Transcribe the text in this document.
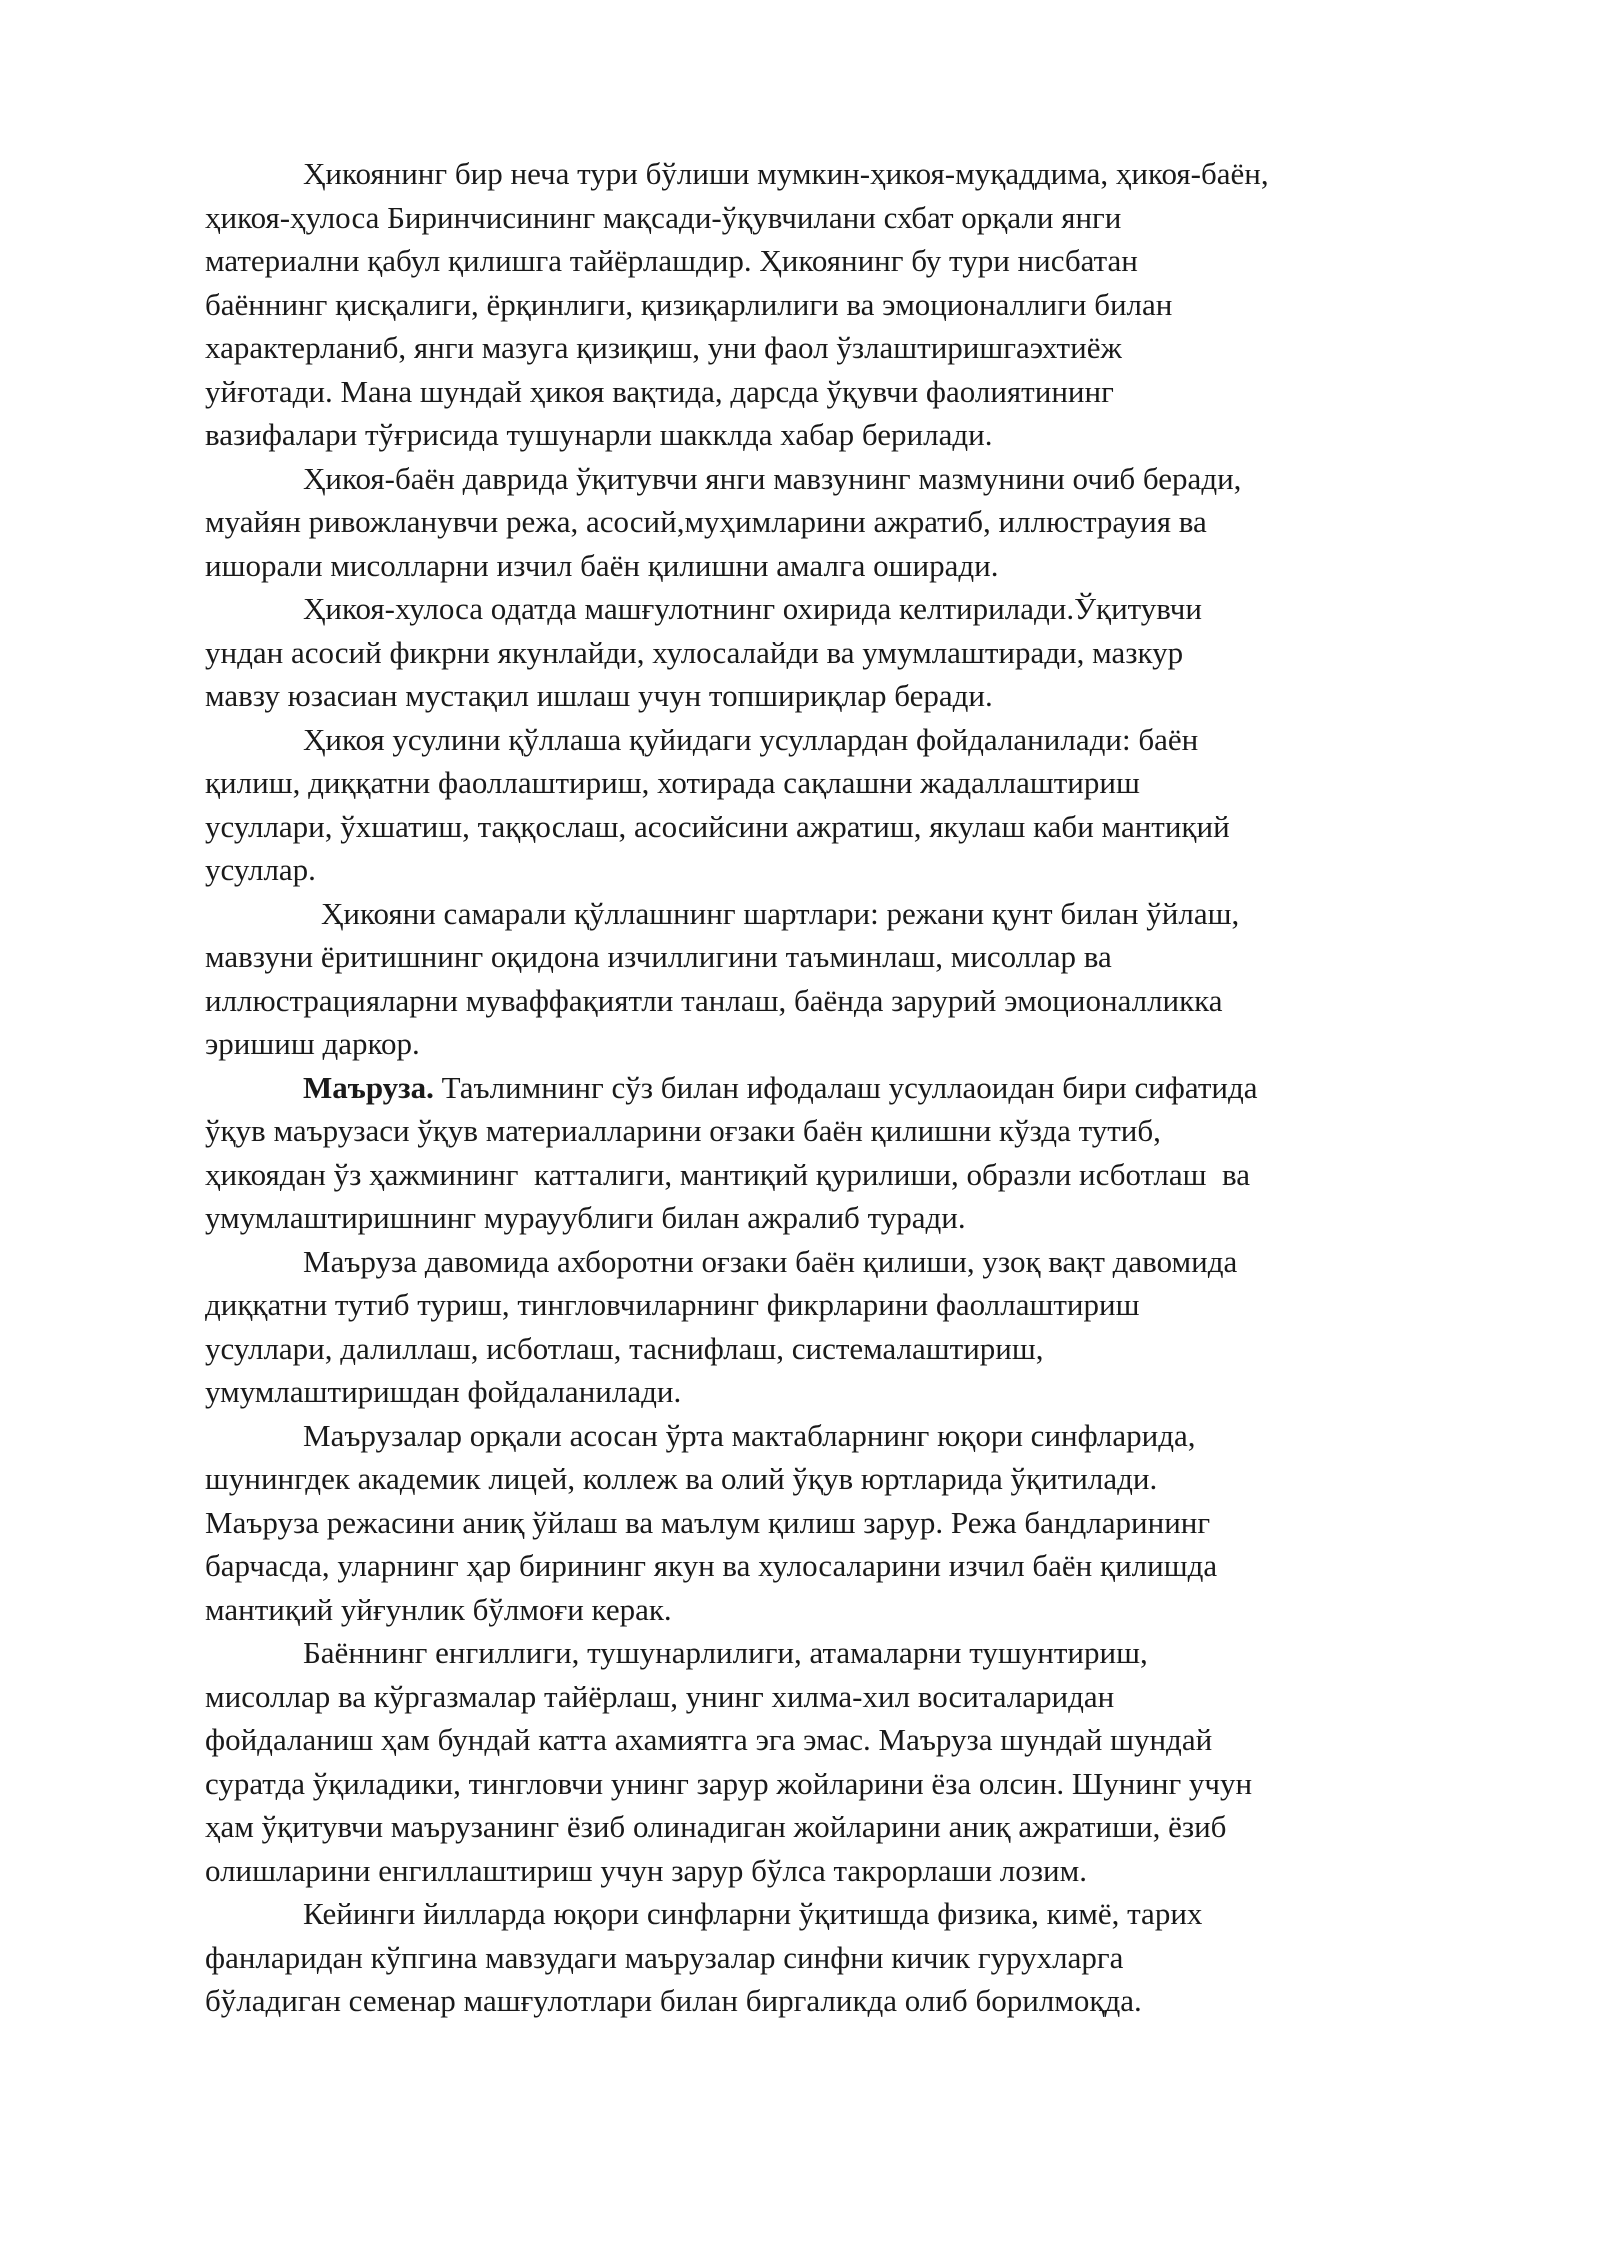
Ҳикоянинг бир неча тури бўлиши мумкин-ҳикоя-муқаддима, ҳикоя-баён,
ҳикоя-ҳулоса Биринчисининг мақсади-ўқувчилани схбат орқали янги
материални қабул қилишга тайёрлашдир. Ҳикоянинг бу тури нисбатан
баённинг қисқалиги, ёрқинлиги, қизиқарлилиги ва эмоционаллиги билан
характерланиб, янги мазуга қизиқиш, уни фаол ўзлаштиришгаэхтиёж
уйғотади. Мана шундай ҳикоя вақтида, дарсда ўқувчи фаолиятининг
вазифалари тўғрисида тушунарли шакклда хабар берилади.
Ҳикоя-баён даврида ўқитувчи янги мавзунинг мазмунини очиб беради,
муайян ривожланувчи режа, асосий,муҳимларини ажратиб, иллюстрауия ва
ишорали мисолларни изчил баён қилишни амалга оширади.
Ҳикоя-хулоса одатда машғулотнинг охирида келтирилади.Ўқитувчи
ундан асосий фикрни якунлайди, хулосалайди ва умумлаштиради, мазкур
мавзу юзасиан мустақил ишлаш учун топшириқлар беради.
Ҳикоя усулини қўллаша қуйидаги усуллардан фойдаланилади: баён
қилиш, диққатни фаоллаштириш, хотирада сақлашни жадаллаштириш
усуллари, ўхшатиш, таққослаш, асосийсини ажратиш, якулаш каби мантиқий
усуллар.
Ҳикояни самарали қўллашнинг шартлари: режани қунт билан ўйлаш,
мавзуни ёритишнинг оқидона изчиллигини таъминлаш, мисоллар ва
иллюстрацияларни муваффақиятли танлаш, баёнда зарурий эмоционалликка
эришиш даркор.
Маъруза. Таълимнинг сўз билан ифодалаш усуллаоидан бири сифатида
ўқув маърузаси ўқув материалларини оғзаки баён қилишни кўзда тутиб,
ҳикоядан ўз ҳажмининг  катталиги, мантиқий қурилиши, образли исботлаш  ва
умумлаштиришнинг мурауублиги билан ажралиб туради.
Маъруза давомида ахборотни оғзаки баён қилиши, узоқ вақт давомида
диққатни тутиб туриш, тингловчиларнинг фикрларини фаоллаштириш
усуллари, далиллаш, исботлаш, таснифлаш, системалаштириш,
умумлаштиришдан фойдаланилади.
Маърузалар орқали асосан ўрта мактабларнинг юқори синфларида,
шунингдек академик лицей, коллеж ва олий ўқув юртларида ўқитилади.
Маъруза режасини аниқ ўйлаш ва маълум қилиш зарур. Режа бандларининг
барчасда, уларнинг ҳар бирининг якун ва хулосаларини изчил баён қилишда
мантиқий уйғунлик бўлмоғи керак.
Баённинг енгиллиги, тушунарлилиги, атамаларни тушунтириш,
мисоллар ва кўргазмалар тайёрлаш, унинг хилма-хил воситаларидан
фойдаланиш ҳам бундай катта ахамиятга эга эмас. Маъруза шундай шундай
суратда ўқиладики, тингловчи унинг зарур жойларини ёза олсин. Шунинг учун
ҳам ўқитувчи маърузанинг ёзиб олинадиган жойларини аниқ ажратиши, ёзиб
олишларини енгиллаштириш учун зарур бўлса такрорлаши лозим.
Кейинги йилларда юқори синфларни ўқитишда физика, кимё, тарих
фанларидан кўпгина мавзудаги маърузалар синфни кичик гурухларга
бўладиган семенар машғулотлари билан биргаликда олиб борилмоқда.
